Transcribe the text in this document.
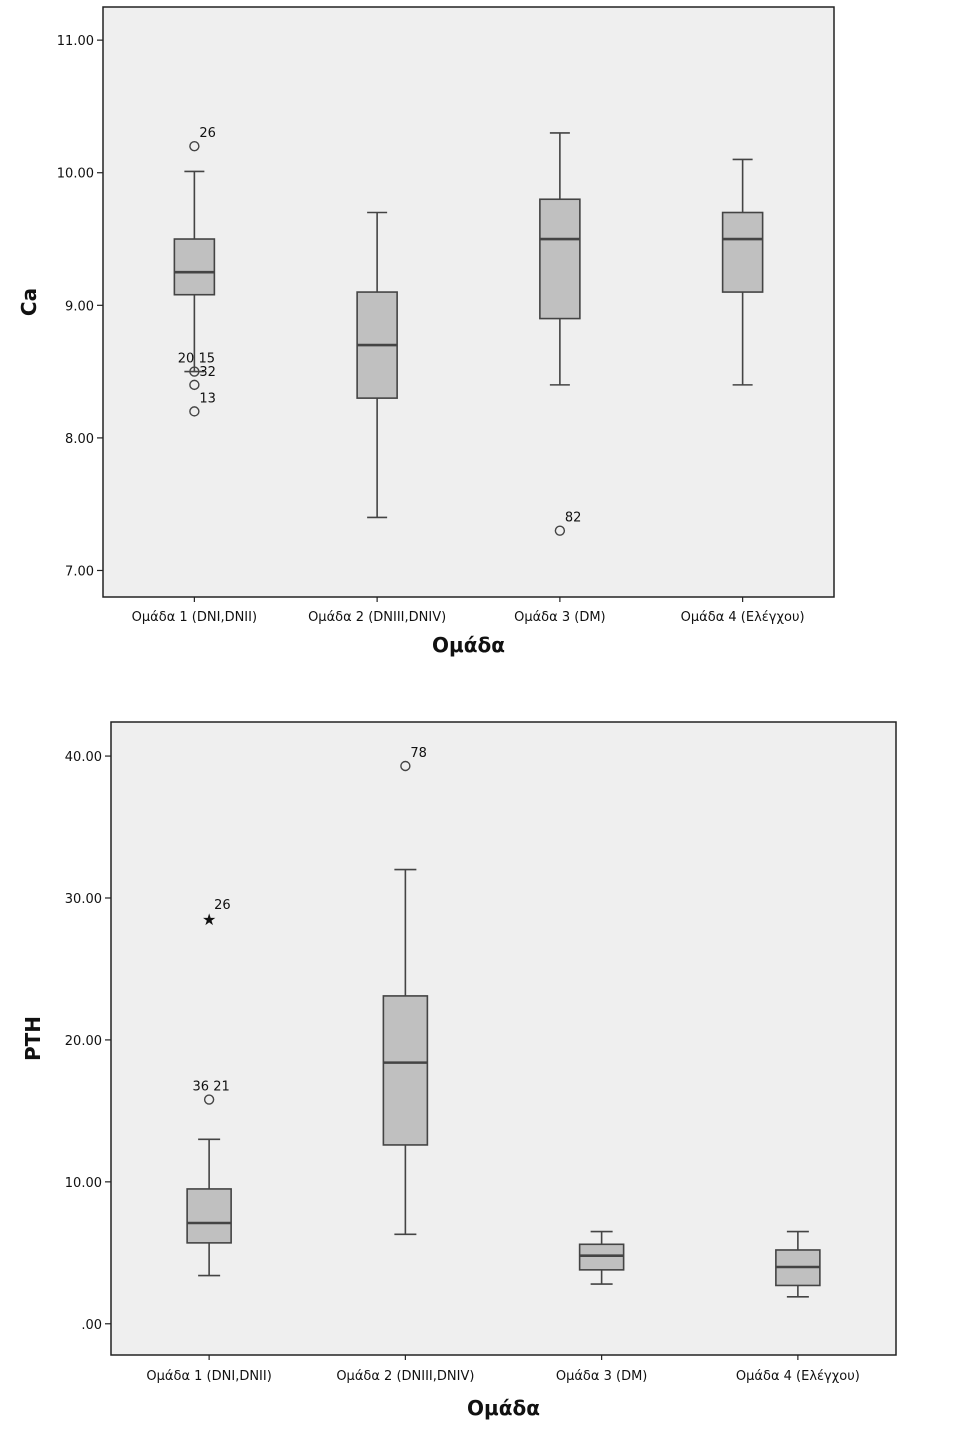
7.00
8.00
9.00
10.00
11.00
Ομάδα 1 (DNI,DNII)	Ομάδα 2 (DNIII,DNIV)	Ομάδα 3 (DM)	Ομάδα 4 (Ελέγχου)
Ομάδα
Ca
26
20 15
32
13
82
.00
10.00
20.00
30.00
40.00
Ομάδα 1 (DNI,DNII)	Ομάδα 2 (DNIII,DNIV)	Ομάδα 3 (DM)	Ομάδα 4 (Ελέγχου)
Ομάδα
PTH
★
26
36 21
78
